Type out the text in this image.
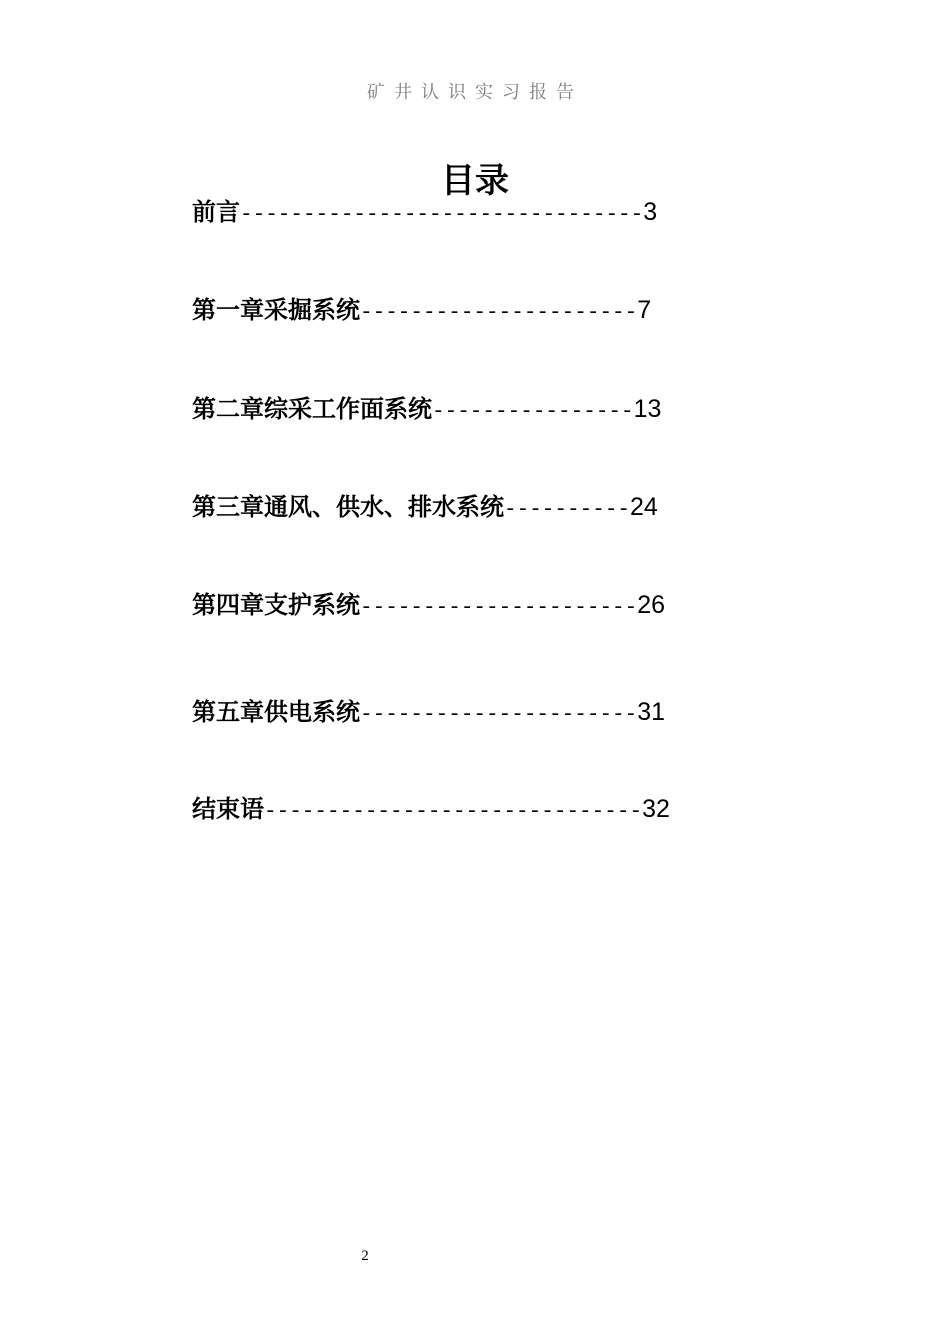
矿井认识实习报告
目录
前言--------------------------------3
第一章采掘系统----------------------7
第二章综采工作面系统----------------13
第三章通风、供水、排水系统----------24
第四章支护系统----------------------26
第五章供电系统----------------------31
结束语------------------------------32
2
